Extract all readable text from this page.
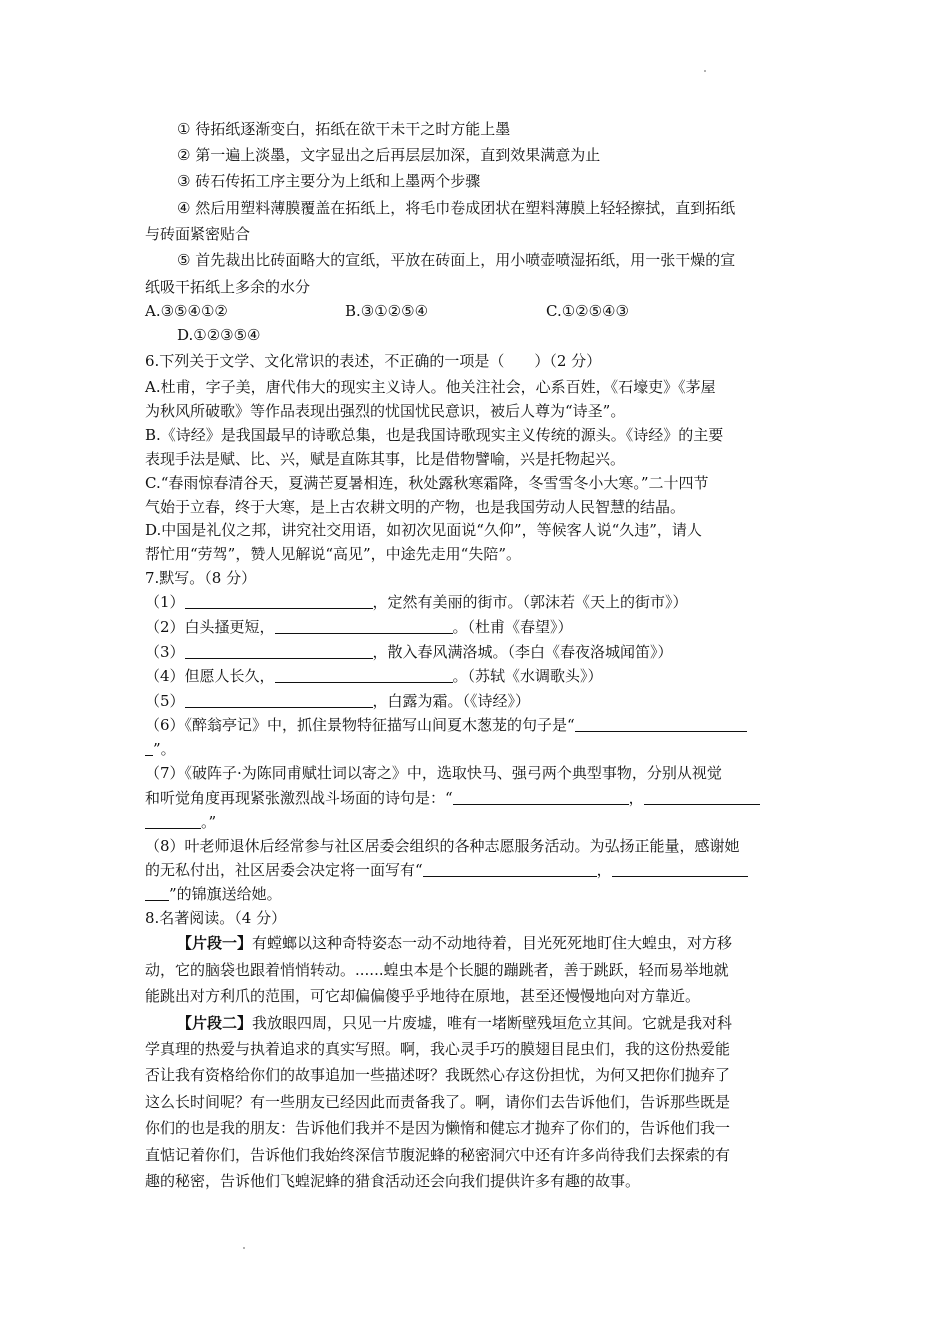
① 待拓纸逐渐变白，拓纸在欲干未干之时方能上墨
② 第一遍上淡墨，文字显出之后再层层加深，直到效果满意为止
③ 砖石传拓工序主要分为上纸和上墨两个步骤
④ 然后用塑料薄膜覆盖在拓纸上，将毛巾卷成团状在塑料薄膜上轻轻擦拭，直到拓纸
与砖面紧密贴合
⑤ 首先裁出比砖面略大的宣纸，平放在砖面上，用小喷壶喷湿拓纸，用一张干燥的宣
纸吸干拓纸上多余的水分
A.③⑤④①②	B.③①②⑤④	C.①②⑤④③
D.①②③⑤④
6.下列关于文学、文化常识的表述，不正确的一项是（　　）（2 分）
A.杜甫，字子美，唐代伟大的现实主义诗人。他关注社会，心系百姓，《石壕吏》《茅屋
为秋风所破歌》等作品表现出强烈的忧国忧民意识，被后人尊为“诗圣”。
B.《诗经》是我国最早的诗歌总集，也是我国诗歌现实主义传统的源头。《诗经》的主要
表现手法是赋、比、兴，赋是直陈其事，比是借物譬喻，兴是托物起兴。
C.“春雨惊春清谷天，夏满芒夏暑相连，秋处露秋寒霜降，冬雪雪冬小大寒。”二十四节
气始于立春，终于大寒，是上古农耕文明的产物，也是我国劳动人民智慧的结晶。
D.中国是礼仪之邦，讲究社交用语，如初次见面说“久仰”，等候客人说“久违”，请人
帮忙用“劳驾”，赞人见解说“高见”，中途先走用“失陪”。
7.默写。（8 分）
（1）	，定然有美丽的街市。（郭沫若《天上的街市》）
（2）白头搔更短，	。（杜甫《春望》）
（3）	，散入春风满洛城。（李白《春夜洛城闻笛》）
（4）但愿人长久，	。（苏轼《水调歌头》）
（5）	，白露为霜。（《诗经》）
（6）《醉翁亭记》中，抓住景物特征描写山间夏木葱茏的句子是“
”。
（7）《破阵子·为陈同甫赋壮词以寄之》中，选取快马、强弓两个典型事物，分别从视觉
和听觉角度再现紧张激烈战斗场面的诗句是：“	，
。”
（8）叶老师退休后经常参与社区居委会组织的各种志愿服务活动。为弘扬正能量，感谢她
的无私付出，社区居委会决定将一面写有“	，
”的锦旗送给她。
8.名著阅读。（4 分）
【片段一】有螳螂以这种奇特姿态一动不动地待着，目光死死地盯住大蝗虫，对方移
动，它的脑袋也跟着悄悄转动。......蝗虫本是个长腿的蹦跳者，善于跳跃，轻而易举地就
能跳出对方利爪的范围，可它却偏偏傻乎乎地待在原地，甚至还慢慢地向对方靠近。
【片段二】我放眼四周，只见一片废墟，唯有一堵断壁残垣危立其间。它就是我对科
学真理的热爱与执着追求的真实写照。啊，我心灵手巧的膜翅目昆虫们，我的这份热爱能
否让我有资格给你们的故事追加一些描述呀？我既然心存这份担忧，为何又把你们抛弃了
这么长时间呢？有一些朋友已经因此而责备我了。啊，请你们去告诉他们，告诉那些既是
你们的也是我的朋友：告诉他们我并不是因为懒惰和健忘才抛弃了你们的，告诉他们我一
直惦记着你们，告诉他们我始终深信节腹泥蜂的秘密洞穴中还有许多尚待我们去探索的有
趣的秘密，告诉他们飞蝗泥蜂的猎食活动还会向我们提供许多有趣的故事。
